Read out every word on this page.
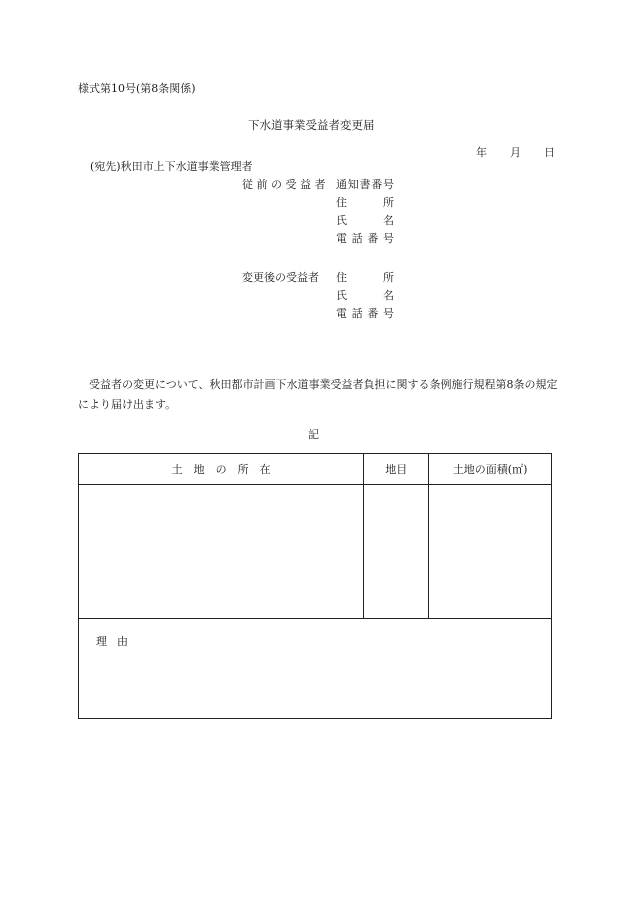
様式第10号(第8条関係)
下水道事業受益者変更届
年　月　日
(宛先)秋田市上下水道事業管理者
従前の受益者 通知書番号
住所
氏名
電話番号
変更後の受益者 住所
氏名
電話番号

受益者の変更について、秋田都市計画下水道事業受益者負担に関する条例施行規程第8条の規定により届け出ます。

記
土　地　の　所　在	地目	土地の面積(㎡)

理由		
